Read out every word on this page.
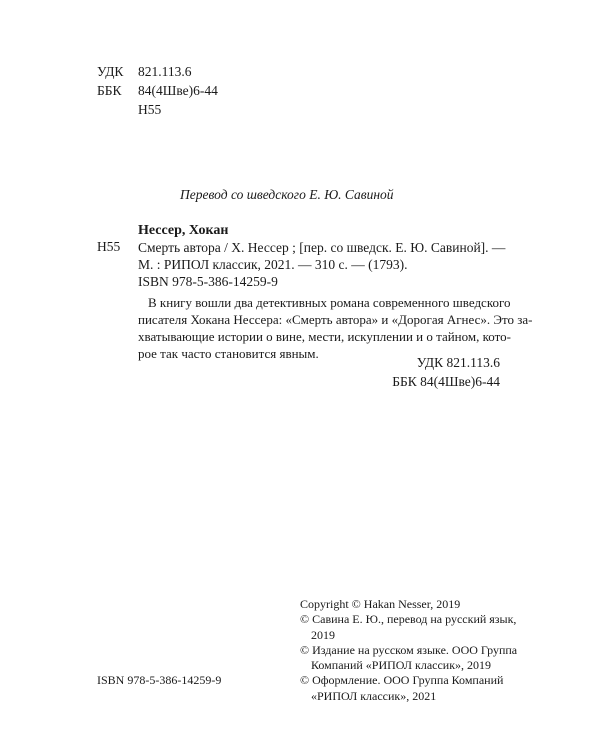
УДК	821.113.6
ББК	84(4Шве)6-44
Н55
Перевод со шведского Е. Ю. Савиной
Нессер, Хокан
Н55 Смерть автора / Х. Нессер ; [пер. со шведск. Е. Ю. Савиной]. —
М. : РИПОЛ классик, 2021. — 310 с. — (1793).
ISBN 978-5-386-14259-9
В книгу вошли два детективных романа современного шведского
писателя Хокана Нессера: «Смерть автора» и «Дорогая Агнес». Это за-
хватывающие истории о вине, мести, искуплении и о тайном, кото-
рое так часто становится явным.
УДК 821.113.6
ББК 84(4Шве)6-44
Copyright © Hakan Nesser, 2019
© Савина Е. Ю., перевод на русский язык,
2019
© Издание на русском языке. ООО Группа
Компаний «РИПОЛ классик», 2019
© Оформление. ООО Группа Компаний
«РИПОЛ классик», 2021
ISBN 978-5-386-14259-9
